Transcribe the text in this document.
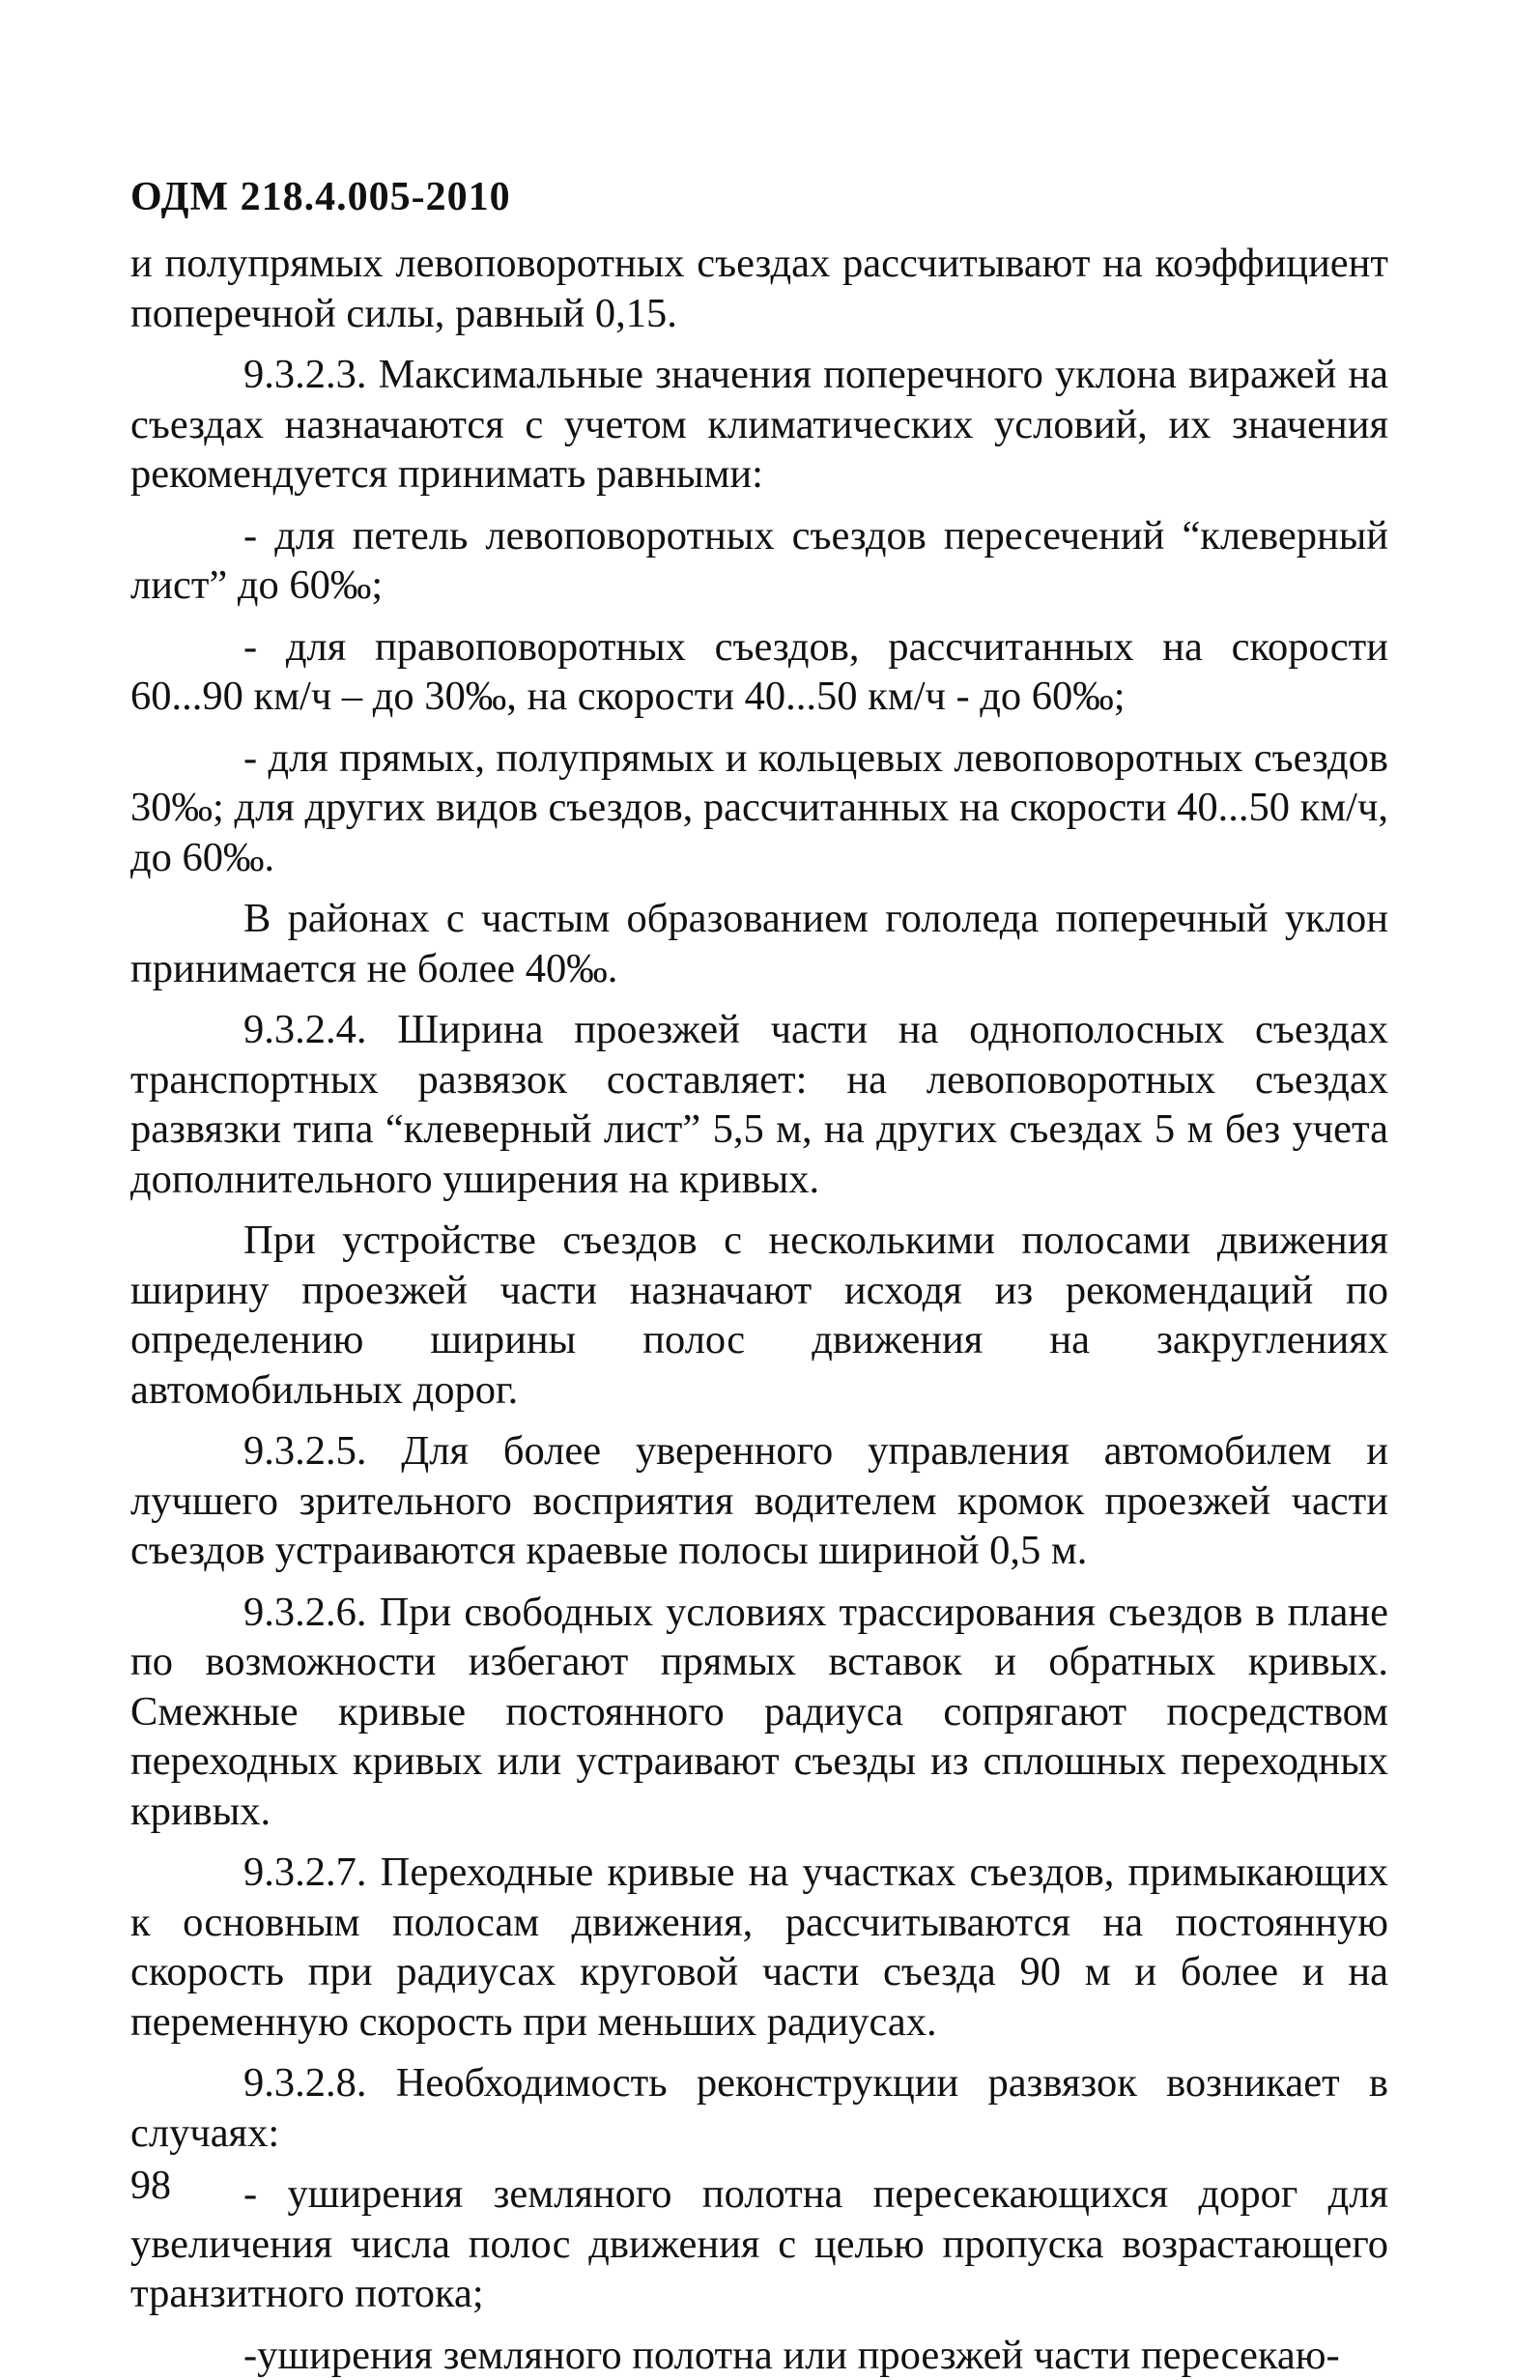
ОДМ 218.4.005-2010

и полупрямых левоповоротных съездах рассчитывают на коэффициент поперечной силы, равный 0,15.

9.3.2.3. Максимальные значения поперечного уклона виражей на съездах назначаются с учетом климатических условий, их значения рекомендуется принимать равными:

- для петель левоповоротных съездов пересечений “клеверный лист” до 60‰;

- для правоповоротных съездов, рассчитанных на скорости 60...90 км/ч – до 30‰, на скорости 40...50 км/ч - до 60‰;

- для прямых, полупрямых и кольцевых левоповоротных съездов 30‰; для других видов съездов, рассчитанных на скорости 40...50 км/ч, до 60‰.

В районах с частым образованием гололеда поперечный уклон принимается не более 40‰.

9.3.2.4. Ширина проезжей части на однополосных съездах транспортных развязок составляет: на левоповоротных съездах развязки типа “клеверный лист” 5,5 м, на других съездах 5 м без учета дополнительного уширения на кривых.

При устройстве съездов с несколькими полосами движения ширину проезжей части назначают исходя из рекомендаций по определению ширины полос движения на закруглениях автомобильных дорог.

9.3.2.5. Для более уверенного управления автомобилем и лучшего зрительного восприятия водителем кромок проезжей части съездов устраиваются краевые полосы шириной 0,5 м.

9.3.2.6. При свободных условиях трассирования съездов в плане по возможности избегают прямых вставок и обратных кривых. Смежные кривые постоянного радиуса сопрягают посредством переходных кривых или устраивают съезды из сплошных переходных кривых.

9.3.2.7. Переходные кривые на участках съездов, примыкающих к основным полосам движения, рассчитываются на постоянную скорость при радиусах круговой части съезда 90 м и более и на переменную скорость при меньших радиусах.

9.3.2.8. Необходимость реконструкции развязок возникает в случаях:

- уширения земляного полотна пересекающихся дорог для увеличения числа полос движения с целью пропуска возрастающего транзитного потока;

-уширения земляного полотна или проезжей части пересекаю-

98
